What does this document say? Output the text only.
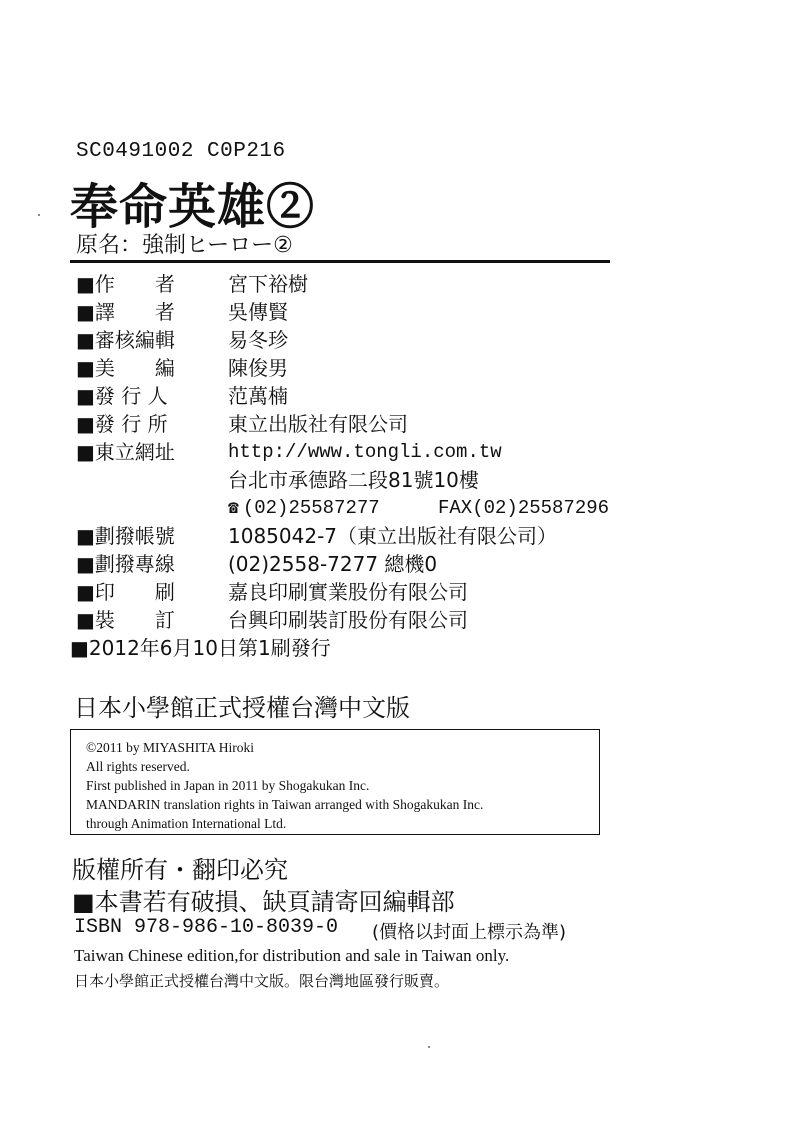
SC0491002 C0P216
奉命英雄②
原名：強制ヒーロー②
■作　　者	宮下裕樹
■譯　　者	吳傳賢
■審核編輯	易冬珍
■美　　編	陳俊男
■發 行 人	范萬楠
■發 行 所	東立出版社有限公司
■東立網址	http://www.tongli.com.tw
台北市承德路二段81號10樓
☎ (02)25587277	FAX(02)25587296
■劃撥帳號	1085042-7（東立出版社有限公司）
■劃撥專線	(02)2558-7277 總機0
■印　　刷	嘉良印刷實業股份有限公司
■裝　　訂	台興印刷裝訂股份有限公司
■2012年6月10日第1刷發行
日本小學館正式授權台灣中文版
©2011 by MIYASHITA Hiroki
All rights reserved.
First published in Japan in 2011 by Shogakukan Inc.
MANDARIN translation rights in Taiwan arranged with Shogakukan Inc.
through Animation International Ltd.
版權所有・翻印必究
■本書若有破損、缺頁請寄回編輯部
ISBN 978-986-10-8039-0 (價格以封面上標示為準)
Taiwan Chinese edition,for distribution and sale in Taiwan only.
日本小學館正式授權台灣中文版。限台灣地區發行販賣。
